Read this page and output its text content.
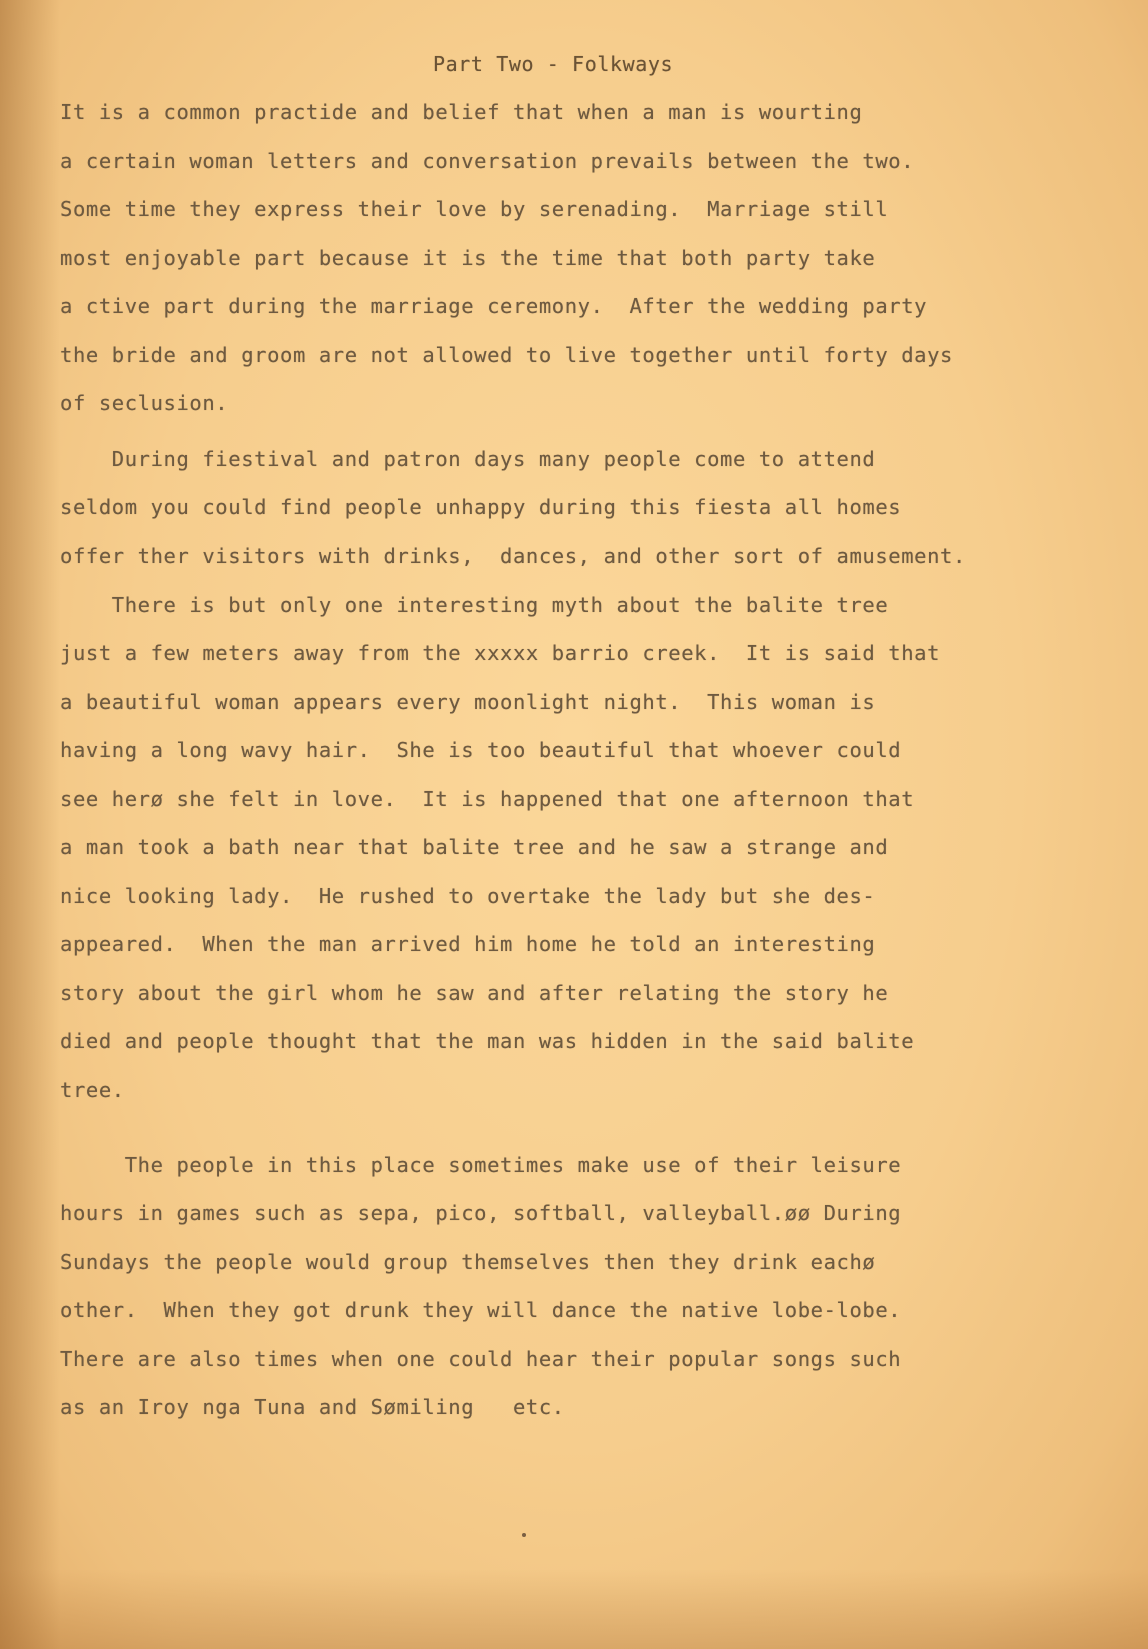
Part Two - Folkways
It is a common practide and belief that when a man is wourting
a certain woman letters and conversation prevails between the two.
Some time they express their love by serenading.  Marriage still
most enjoyable part because it is the time that both party take
a ctive part during the marriage ceremony.  After the wedding party
the bride and groom are not allowed to live together until forty days
of seclusion.
During fiestival and patron days many people come to attend
seldom you could find people unhappy during this fiesta all homes
offer ther visitors with drinks,  dances, and other sort of amusement.
There is but only one interesting myth about the balite tree
just a few meters away from the xxxxx barrio creek.  It is said that
a beautiful woman appears every moonlight night.  This woman is
having a long wavy hair.  She is too beautiful that whoever could
see herø she felt in love.  It is happened that one afternoon that
a man took a bath near that balite tree and he saw a strange and
nice looking lady.  He rushed to overtake the lady but she des-
appeared.  When the man arrived him home he told an interesting
story about the girl whom he saw and after relating the story he
died and people thought that the man was hidden in the said balite
tree.
The people in this place sometimes make use of their leisure
hours in games such as sepa, pico, softball, valleyball.øø During
Sundays the people would group themselves then they drink eachø
other.  When they got drunk they will dance the native lobe-lobe.
There are also times when one could hear their popular songs such
as an Iroy nga Tuna and Sømiling   etc.
